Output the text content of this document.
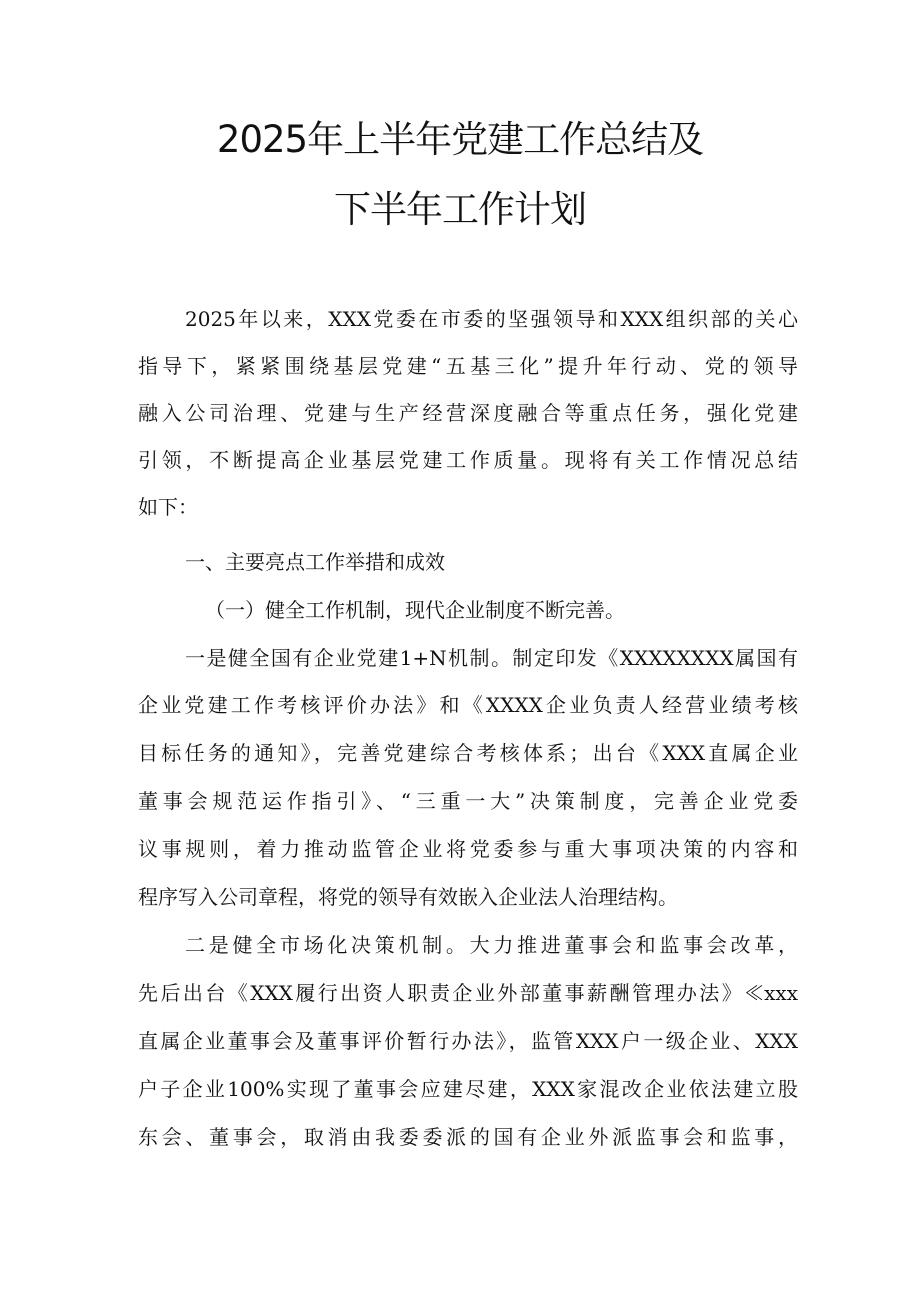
2025年上半年党建工作总结及
下半年工作计划
2025年以来，XXX党委在市委的坚强领导和XXX组织部的关心
指导下，紧紧围绕基层党建“五基三化”提升年行动、党的领导
融入公司治理、党建与生产经营深度融合等重点任务，强化党建
引领，不断提高企业基层党建工作质量。现将有关工作情况总结
如下：
一、主要亮点工作举措和成效
（一）健全工作机制，现代企业制度不断完善。
一是健全国有企业党建1+N机制。制定印发《XXXXXXXX属国有
企业党建工作考核评价办法》和《XXXX企业负责人经营业绩考核
目标任务的通知》，完善党建综合考核体系；出台《XXX直属企业
董事会规范运作指引》、“三重一大”决策制度，完善企业党委
议事规则，着力推动监管企业将党委参与重大事项决策的内容和
程序写入公司章程，将党的领导有效嵌入企业法人治理结构。
二是健全市场化决策机制。大力推进董事会和监事会改革，
先后出台《XXX履行出资人职责企业外部董事薪酬管理办法》≪xxx
直属企业董事会及董事评价暂行办法》，监管XXX户一级企业、XXX
户子企业100%实现了董事会应建尽建，XXX家混改企业依法建立股
东会、董事会，取消由我委委派的国有企业外派监事会和监事，
